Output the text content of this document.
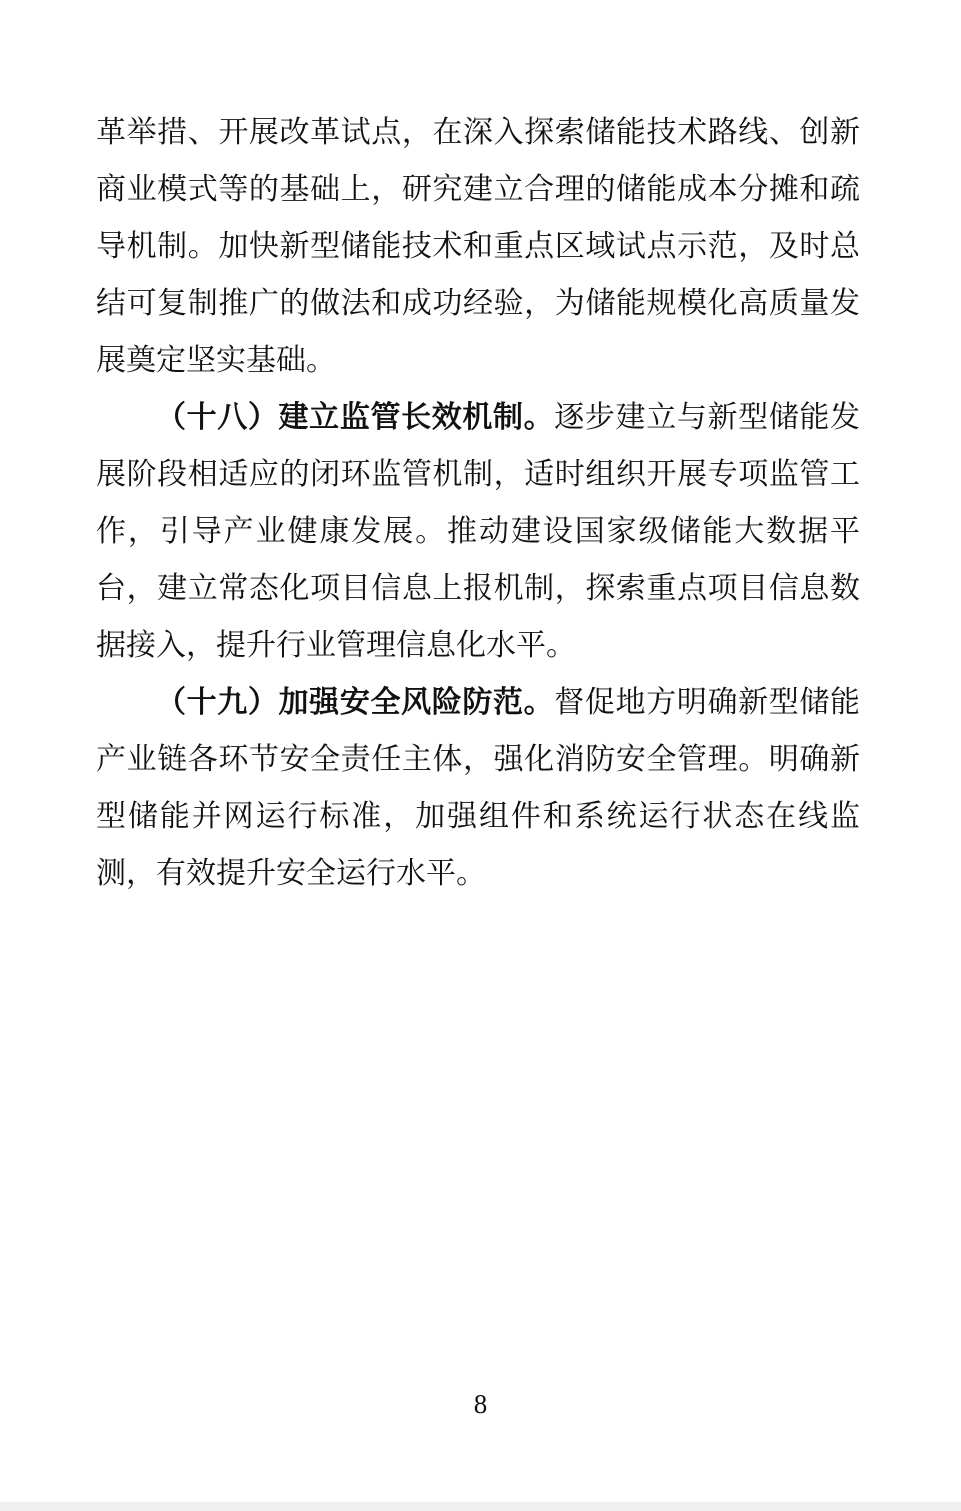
革举措、开展改革试点，在深入探索储能技术路线、创新商业模式等的基础上，研究建立合理的储能成本分摊和疏导机制。加快新型储能技术和重点区域试点示范，及时总结可复制推广的做法和成功经验，为储能规模化高质量发展奠定坚实基础。

（十八）建立监管长效机制。逐步建立与新型储能发展阶段相适应的闭环监管机制，适时组织开展专项监管工作，引导产业健康发展。推动建设国家级储能大数据平台，建立常态化项目信息上报机制，探索重点项目信息数据接入，提升行业管理信息化水平。

（十九）加强安全风险防范。督促地方明确新型储能产业链各环节安全责任主体，强化消防安全管理。明确新型储能并网运行标准，加强组件和系统运行状态在线监测，有效提升安全运行水平。

8
